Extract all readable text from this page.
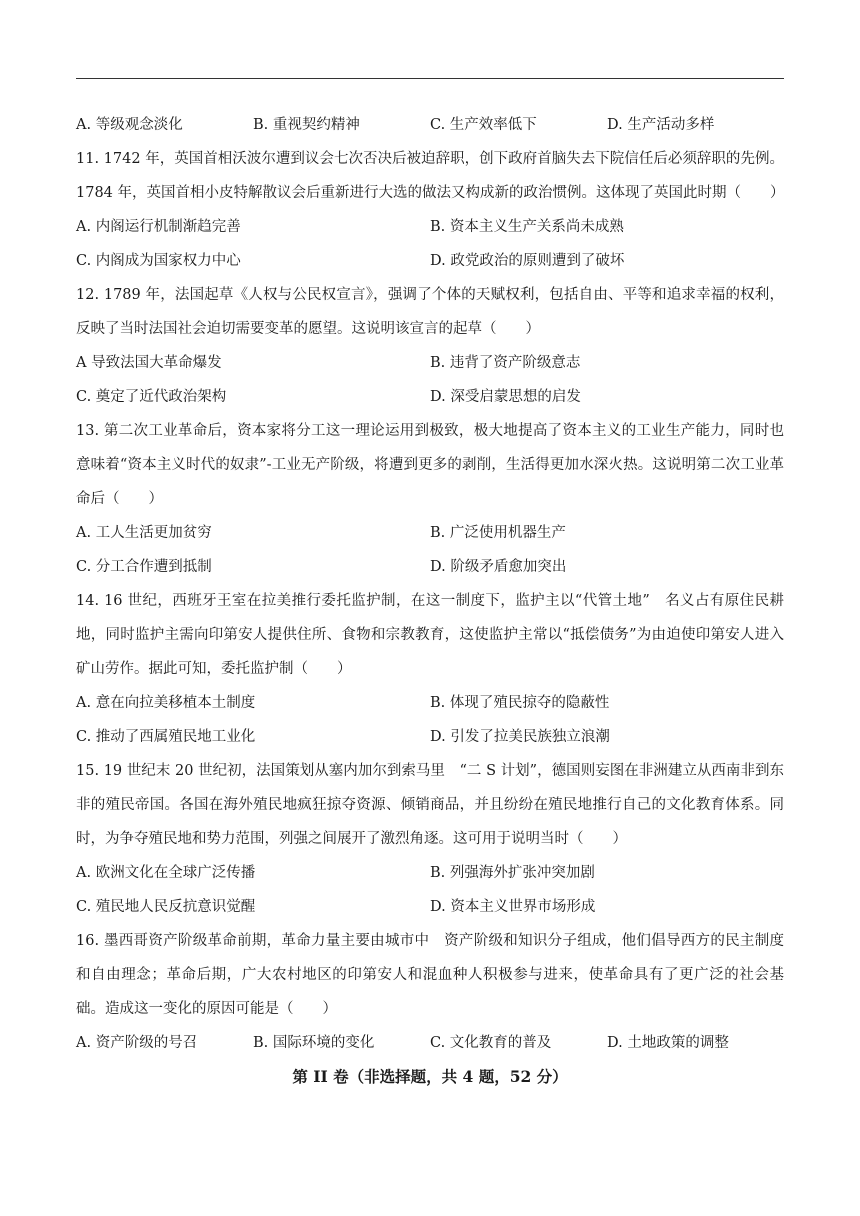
A. 等级观念淡化	B. 重视契约精神	C. 生产效率低下	D. 生产活动多样

11. 1742 年，英国首相沃波尔遭到议会七次否决后被迫辞职，创下政府首脑失去下院信任后必须辞职的先例。1784 年，英国首相小皮特解散议会后重新进行大选的做法又构成新的政治惯例。这体现了英国此时期（　　）

A. 内阁运行机制渐趋完善	B. 资本主义生产关系尚未成熟
C. 内阁成为国家权力中心	D. 政党政治的原则遭到了破坏

12. 1789 年，法国起草《人权与公民权宣言》，强调了个体的天赋权利，包括自由、平等和追求幸福的权利，反映了当时法国社会迫切需要变革的愿望。这说明该宣言的起草（　　）

A 导致法国大革命爆发	B. 违背了资产阶级意志
C. 奠定了近代政治架构	D. 深受启蒙思想的启发

13. 第二次工业革命后，资本家将分工这一理论运用到极致，极大地提高了资本主义的工业生产能力，同时也意味着“资本主义时代的奴隶”-工业无产阶级，将遭到更多的剥削，生活得更加水深火热。这说明第二次工业革命后（　　）

A. 工人生活更加贫穷	B. 广泛使用机器生产
C. 分工合作遭到抵制	D. 阶级矛盾愈加突出

14. 16 世纪，西班牙王室在拉美推行委托监护制，在这一制度下，监护主以“代管土地”　名义占有原住民耕地，同时监护主需向印第安人提供住所、食物和宗教教育，这使监护主常以“抵偿债务”为由迫使印第安人进入矿山劳作。据此可知，委托监护制（　　）

A. 意在向拉美移植本土制度	B. 体现了殖民掠夺的隐蔽性
C. 推动了西属殖民地工业化	D. 引发了拉美民族独立浪潮

15. 19 世纪末 20 世纪初，法国策划从塞内加尔到索马里　“二 S 计划”，德国则妄图在非洲建立从西南非到东非的殖民帝国。各国在海外殖民地疯狂掠夺资源、倾销商品，并且纷纷在殖民地推行自己的文化教育体系。同时，为争夺殖民地和势力范围，列强之间展开了激烈角逐。这可用于说明当时（　　）

A. 欧洲文化在全球广泛传播	B. 列强海外扩张冲突加剧
C. 殖民地人民反抗意识觉醒	D. 资本主义世界市场形成

16. 墨西哥资产阶级革命前期，革命力量主要由城市中　资产阶级和知识分子组成，他们倡导西方的民主制度和自由理念；革命后期，广大农村地区的印第安人和混血种人积极参与进来，使革命具有了更广泛的社会基础。造成这一变化的原因可能是（　　）

A. 资产阶级的号召	B. 国际环境的变化	C. 文化教育的普及	D. 土地政策的调整
第 II 卷（非选择题，共 4 题，52 分）
